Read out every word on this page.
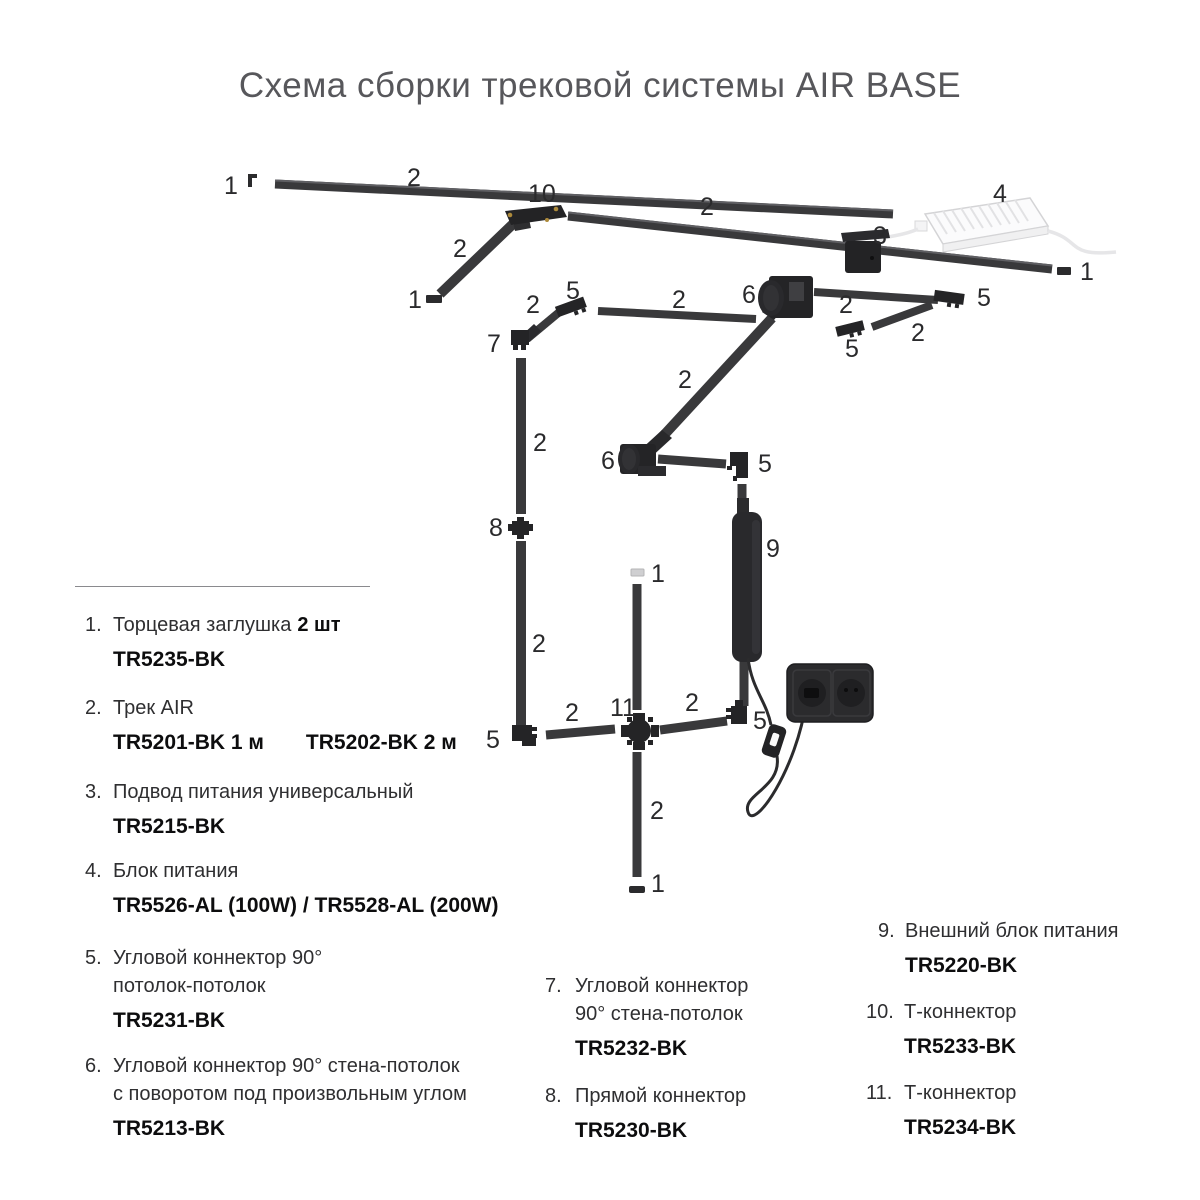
Схема сборки трековой системы AIR BASE
1	2
10
2
1
2
3
4
1
5
2
7
2 6	2	5
2
5
2
6	5
2
8
2
5
1
2 11 2
5
9
2
1
1. Торцевая заглушка 2 шт
TR5235-BK
2. Трек AIR
TR5201-BK 1 м TR5202-BK 2 м
3. Подвод питания универсальный
TR5215-BK
4. Блок питания
TR5526-AL (100W) / TR5528-AL (200W)
5. Угловой коннектор 90°
потолок-потолок
TR5231-BK
6. Угловой коннектор 90° стена-потолок
с поворотом под произвольным углом
TR5213-BK
7. Угловой коннектор
90° стена-потолок
TR5232-BK
8. Прямой коннектор
TR5230-BK
9. Внешний блок питания
TR5220-BK
10. Т-коннектор
TR5233-BK
11. Т-коннектор
TR5234-BK
